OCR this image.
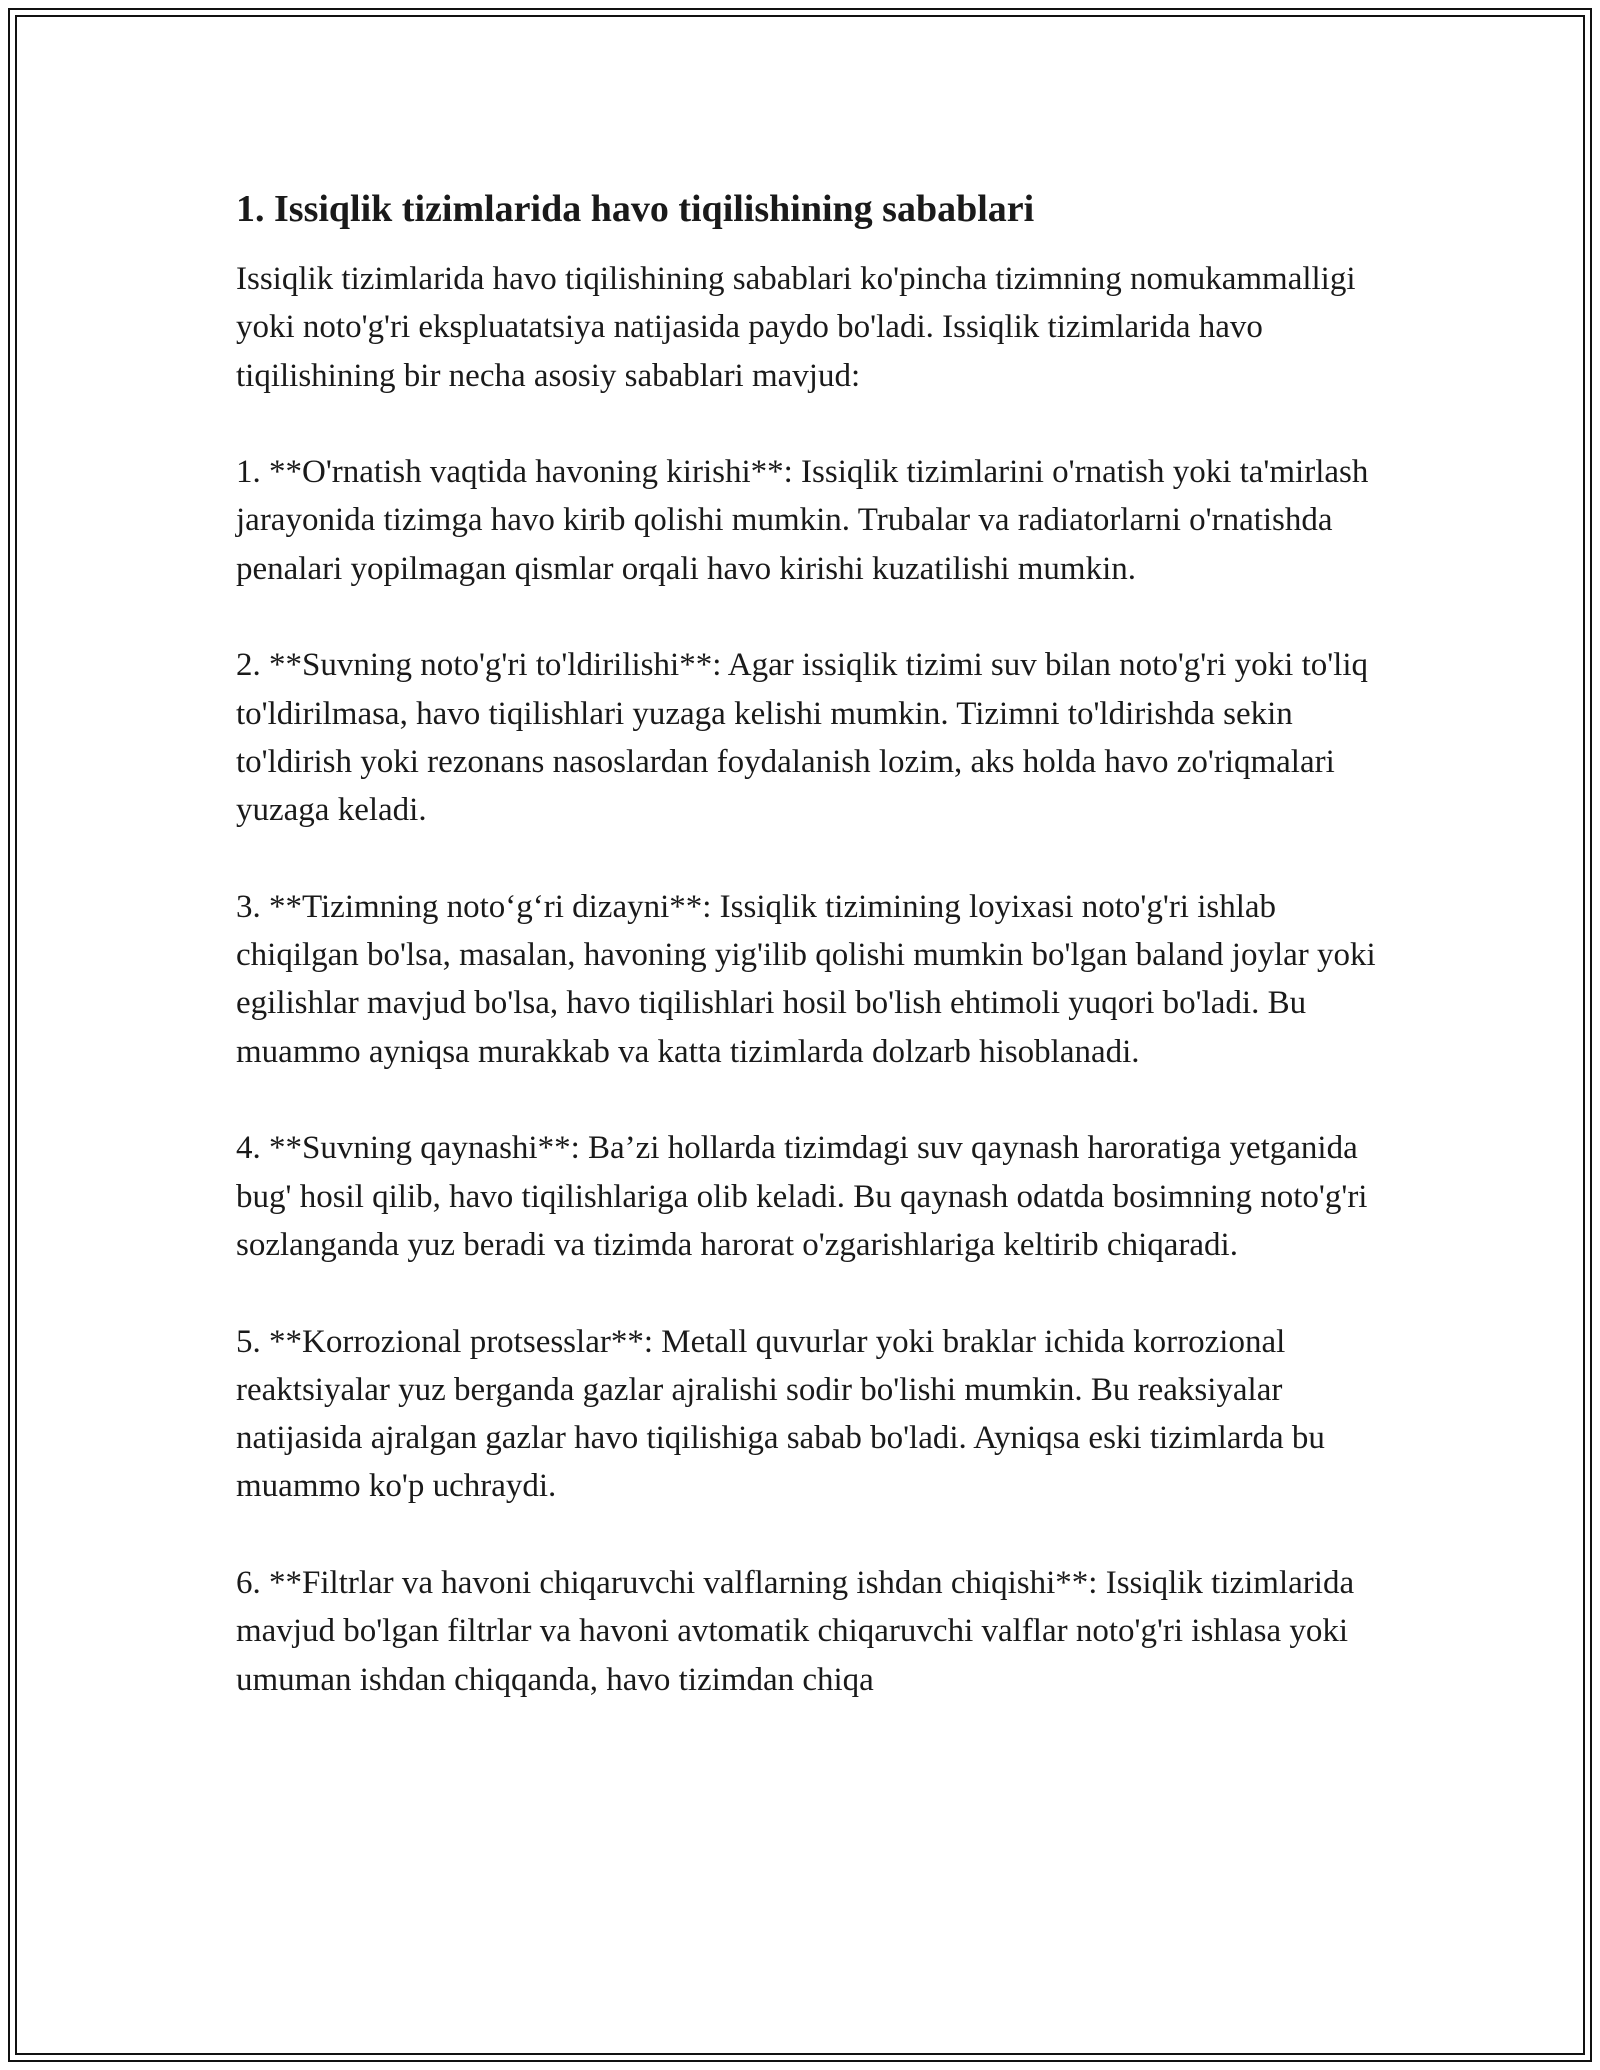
1. Issiqlik tizimlarida havo tiqilishining sabablari

Issiqlik tizimlarida havo tiqilishining sabablari ko'pincha tizimning nomukammalligi yoki noto'g'ri ekspluatatsiya natijasida paydo bo'ladi. Issiqlik tizimlarida havo tiqilishining bir necha asosiy sabablari mavjud:

1. **O'rnatish vaqtida havoning kirishi**: Issiqlik tizimlarini o'rnatish yoki ta'mirlash jarayonida tizimga havo kirib qolishi mumkin. Trubalar va radiatorlarni o'rnatishda penalari yopilmagan qismlar orqali havo kirishi kuzatilishi mumkin.

2. **Suvning noto'g'ri to'ldirilishi**: Agar issiqlik tizimi suv bilan noto'g'ri yoki to'liq to'ldirilmasa, havo tiqilishlari yuzaga kelishi mumkin. Tizimni to'ldirishda sekin to'ldirish yoki rezonans nasoslardan foydalanish lozim, aks holda havo zo'riqmalari yuzaga keladi.

3. **Tizimning noto‘g‘ri dizayni**: Issiqlik tizimining loyixasi noto'g'ri ishlab chiqilgan bo'lsa, masalan, havoning yig'ilib qolishi mumkin bo'lgan baland joylar yoki egilishlar mavjud bo'lsa, havo tiqilishlari hosil bo'lish ehtimoli yuqori bo'ladi. Bu muammo ayniqsa murakkab va katta tizimlarda dolzarb hisoblanadi.

4. **Suvning qaynashi**: Ba’zi hollarda tizimdagi suv qaynash haroratiga yetganida bug' hosil qilib, havo tiqilishlariga olib keladi. Bu qaynash odatda bosimning noto'g'ri sozlanganda yuz beradi va tizimda harorat o'zgarishlariga keltirib chiqaradi.

5. **Korrozional protsesslar**: Metall quvurlar yoki braklar ichida korrozional reaktsiyalar yuz berganda gazlar ajralishi sodir bo'lishi mumkin. Bu reaksiyalar natijasida ajralgan gazlar havo tiqilishiga sabab bo'ladi. Ayniqsa eski tizimlarda bu muammo ko'p uchraydi.

6. **Filtrlar va havoni chiqaruvchi valflarning ishdan chiqishi**: Issiqlik tizimlarida mavjud bo'lgan filtrlar va havoni avtomatik chiqaruvchi valflar noto'g'ri ishlasa yoki umuman ishdan chiqqanda, havo tizimdan chiqa
